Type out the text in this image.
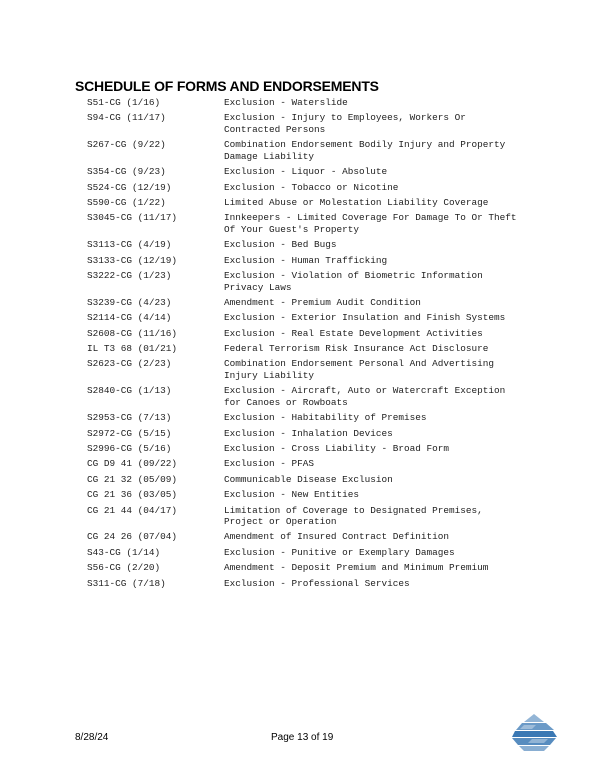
SCHEDULE OF FORMS AND ENDORSEMENTS
S51-CG (1/16)	Exclusion - Waterslide
S94-CG (11/17)	Exclusion - Injury to Employees, Workers Or
Contracted Persons
S267-CG (9/22)	Combination Endorsement Bodily Injury and Property
Damage Liability
S354-CG (9/23)	Exclusion - Liquor - Absolute
S524-CG (12/19)	Exclusion - Tobacco or Nicotine
S590-CG (1/22)	Limited Abuse or Molestation Liability Coverage
S3045-CG (11/17)	Innkeepers - Limited Coverage For Damage To Or Theft
Of Your Guest's Property
S3113-CG (4/19)	Exclusion - Bed Bugs
S3133-CG (12/19)	Exclusion - Human Trafficking
S3222-CG (1/23)	Exclusion - Violation of Biometric Information
Privacy Laws
S3239-CG (4/23)	Amendment - Premium Audit Condition
S2114-CG (4/14)	Exclusion - Exterior Insulation and Finish Systems
S2608-CG (11/16)	Exclusion - Real Estate Development Activities
IL T3 68 (01/21)	Federal Terrorism Risk Insurance Act Disclosure
S2623-CG (2/23)	Combination Endorsement Personal And Advertising
Injury Liability
S2840-CG (1/13)	Exclusion - Aircraft, Auto or Watercraft Exception
for Canoes or Rowboats
S2953-CG (7/13)	Exclusion - Habitability of Premises
S2972-CG (5/15)	Exclusion - Inhalation Devices
S2996-CG (5/16)	Exclusion - Cross Liability - Broad Form
CG D9 41 (09/22)	Exclusion - PFAS
CG 21 32 (05/09)	Communicable Disease Exclusion
CG 21 36 (03/05)	Exclusion - New Entities
CG 21 44 (04/17)	Limitation of Coverage to Designated Premises,
Project or Operation
CG 24 26 (07/04)	Amendment of Insured Contract Definition
S43-CG (1/14)	Exclusion - Punitive or Exemplary Damages
S56-CG (2/20)	Amendment - Deposit Premium and Minimum Premium
S311-CG (7/18)	Exclusion - Professional Services
8/28/24	Page 13 of 19
